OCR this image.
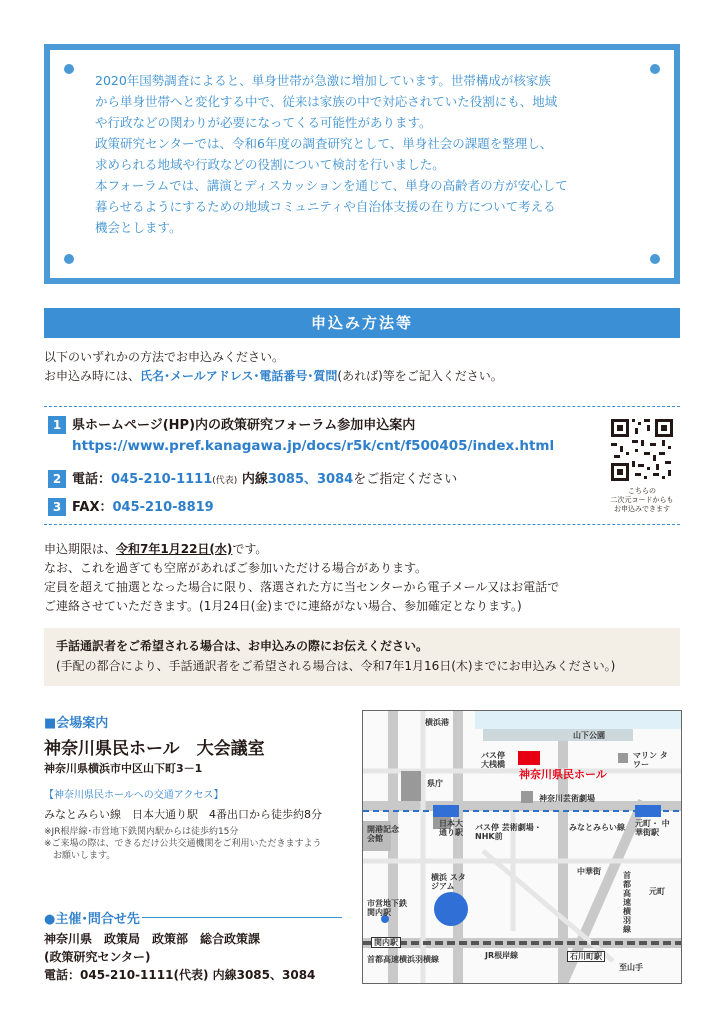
2020年国勢調査によると、単身世帯が急激に増加しています。世帯構成が核家族

から単身世帯へと変化する中で、従来は家族の中で対応されていた役割にも、地域

や行政などの関わりが必要になってくる可能性があります。

政策研究センターでは、令和6年度の調査研究として、単身社会の課題を整理し、

求められる地域や行政などの役割について検討を行いました。

本フォーラムでは、講演とディスカッションを通じて、単身の高齢者の方が安心して

暮らせるようにするための地域コミュニティや自治体支援の在り方について考える

機会とします。

申込み方法等

以下のいずれかの方法でお申込みください。

お申込み時には、氏名･メールアドレス･電話番号･質問(あれば)等をご記入ください。

1 県ホームページ(HP)内の政策研究フォーラム参加申込案内
https://www.pref.kanagawa.jp/docs/r5k/cnt/f500405/index.html
2 電話：045-210-1111(代表) 内線3085、3084をご指定ください
3 FAX：045-210-8819
こちらの
二次元コードからも
お申込みできます

申込期限は、令和7年1月22日(水)です。

なお、これを過ぎても空席があればご参加いただける場合があります。

定員を超えて抽選となった場合に限り、落選された方に当センターから電子メール又はお電話で

ご連絡させていただきます。(1月24日(金)までに連絡がない場合、参加確定となります。)

手話通訳者をご希望される場合は、お申込みの際にお伝えください。

(手配の都合により、手話通訳者をご希望される場合は、令和7年1月16日(木)までにお申込みください。)

■会場案内
神奈川県民ホール　大会議室
神奈川県横浜市中区山下町3－1
【神奈川県民ホールへの交通アクセス】
みなとみらい線　日本大通り駅　4番出口から徒歩約8分
※JR根岸線･市営地下鉄関内駅からは徒歩約15分
※ご来場の際は、できるだけ公共交通機関をご利用いただきますよう
　お願いします。
●主催･問合せ先
神奈川県　政策局　政策部　総合政策課
(政策研究センター)
電話：045-210-1111(代表) 内線3085、3084
横浜港
山下公園
マリン タワー
バス停 大桟橋
神奈川県民ホール
県庁
神奈川芸術劇場
開港記念 会館
日本大 通り駅
バス停 芸術劇場・NHK前
みなとみらい線 元町・ 中華街駅
中華街
横浜 スタジアム
市営地下鉄 関内駅
関内駅
元町
首都高速横羽線
首都高速横浜羽横線	JR根岸線	石川町駅
至山手
